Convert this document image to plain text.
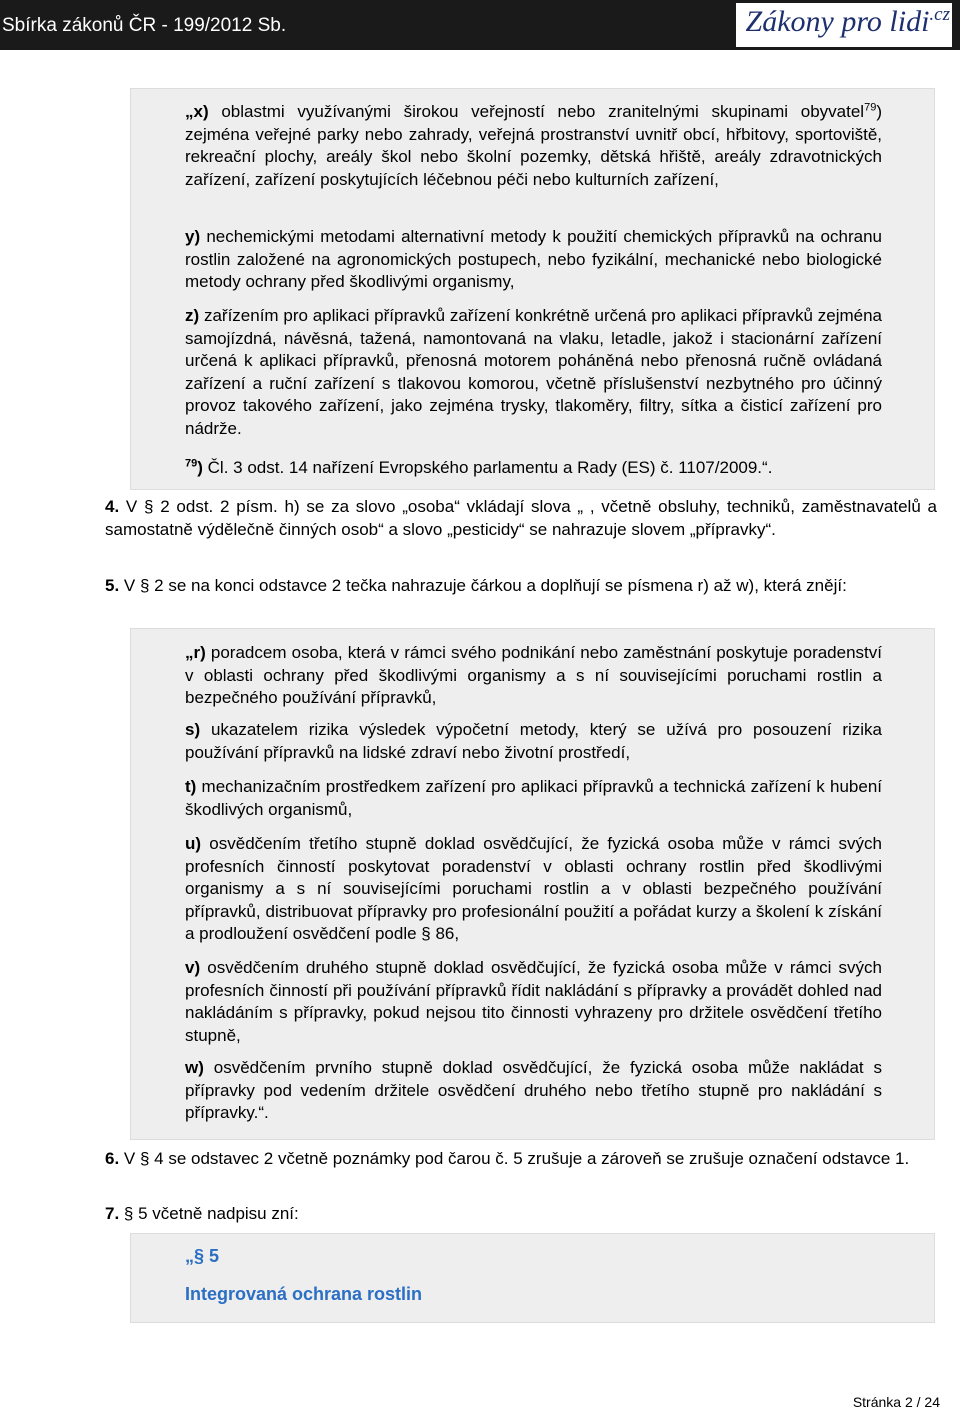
Sbírka zákonů ČR - 199/2012 Sb.	Zákony pro lidi$^{.cz}$
„x) oblastmi využívanými širokou veřejností nebo zranitelnými skupinami obyvatel$^{79}$) zejména veřejné parky nebo zahrady, veřejná prostranství uvnitř obcí, hřbitovy, sportoviště, rekreační plochy, areály škol nebo školní pozemky, dětská hřiště, areály zdravotnických zařízení, zařízení poskytujících léčebnou péči nebo kulturních zařízení,
y) nechemickými metodami alternativní metody k použití chemických přípravků na ochranu rostlin založené na agronomických postupech, nebo fyzikální, mechanické nebo biologické metody ochrany před škodlivými organismy,
z) zařízením pro aplikaci přípravků zařízení konkrétně určená pro aplikaci přípravků zejména samojízdná, návěsná, tažená, namontovaná na vlaku, letadle, jakož i stacionární zařízení určená k aplikaci přípravků, přenosná motorem poháněná nebo přenosná ručně ovládaná zařízení a ruční zařízení s tlakovou komorou, včetně příslušenství nezbytného pro účinný provoz takového zařízení, jako zejména trysky, tlakoměry, filtry, sítka a čisticí zařízení pro nádrže.
$^{79}$) Čl. 3 odst. 14 nařízení Evropského parlamentu a Rady (ES) č. 1107/2009.“.
4. V § 2 odst. 2 písm. h) se za slovo „osoba“ vkládají slova „ , včetně obsluhy, techniků, zaměstnavatelů a samostatně výdělečně činných osob“ a slovo „pesticidy“ se nahrazuje slovem „přípravky“.
5. V § 2 se na konci odstavce 2 tečka nahrazuje čárkou a doplňují se písmena r) až w), která znějí:
„r) poradcem osoba, která v rámci svého podnikání nebo zaměstnání poskytuje poradenství v oblasti ochrany před škodlivými organismy a s ní souvisejícími poruchami rostlin a bezpečného používání přípravků,
s) ukazatelem rizika výsledek výpočetní metody, který se užívá pro posouzení rizika používání přípravků na lidské zdraví nebo životní prostředí,
t) mechanizačním prostředkem zařízení pro aplikaci přípravků a technická zařízení k hubení škodlivých organismů,
u) osvědčením třetího stupně doklad osvědčující, že fyzická osoba může v rámci svých profesních činností poskytovat poradenství v oblasti ochrany rostlin před škodlivými organismy a s ní souvisejícími poruchami rostlin a v oblasti bezpečného používání přípravků, distribuovat přípravky pro profesionální použití a pořádat kurzy a školení k získání a prodloužení osvědčení podle § 86,
v) osvědčením druhého stupně doklad osvědčující, že fyzická osoba může v rámci svých profesních činností při používání přípravků řídit nakládání s přípravky a provádět dohled nad nakládáním s přípravky, pokud nejsou tito činnosti vyhrazeny pro držitele osvědčení třetího stupně,
w) osvědčením prvního stupně doklad osvědčující, že fyzická osoba může nakládat s přípravky pod vedením držitele osvědčení druhého nebo třetího stupně pro nakládání s přípravky.“.
6. V § 4 se odstavec 2 včetně poznámky pod čarou č. 5 zrušuje a zároveň se zrušuje označení odstavce 1.
7. § 5 včetně nadpisu zní:
„§ 5
Integrovaná ochrana rostlin
Stránka 2 / 24
